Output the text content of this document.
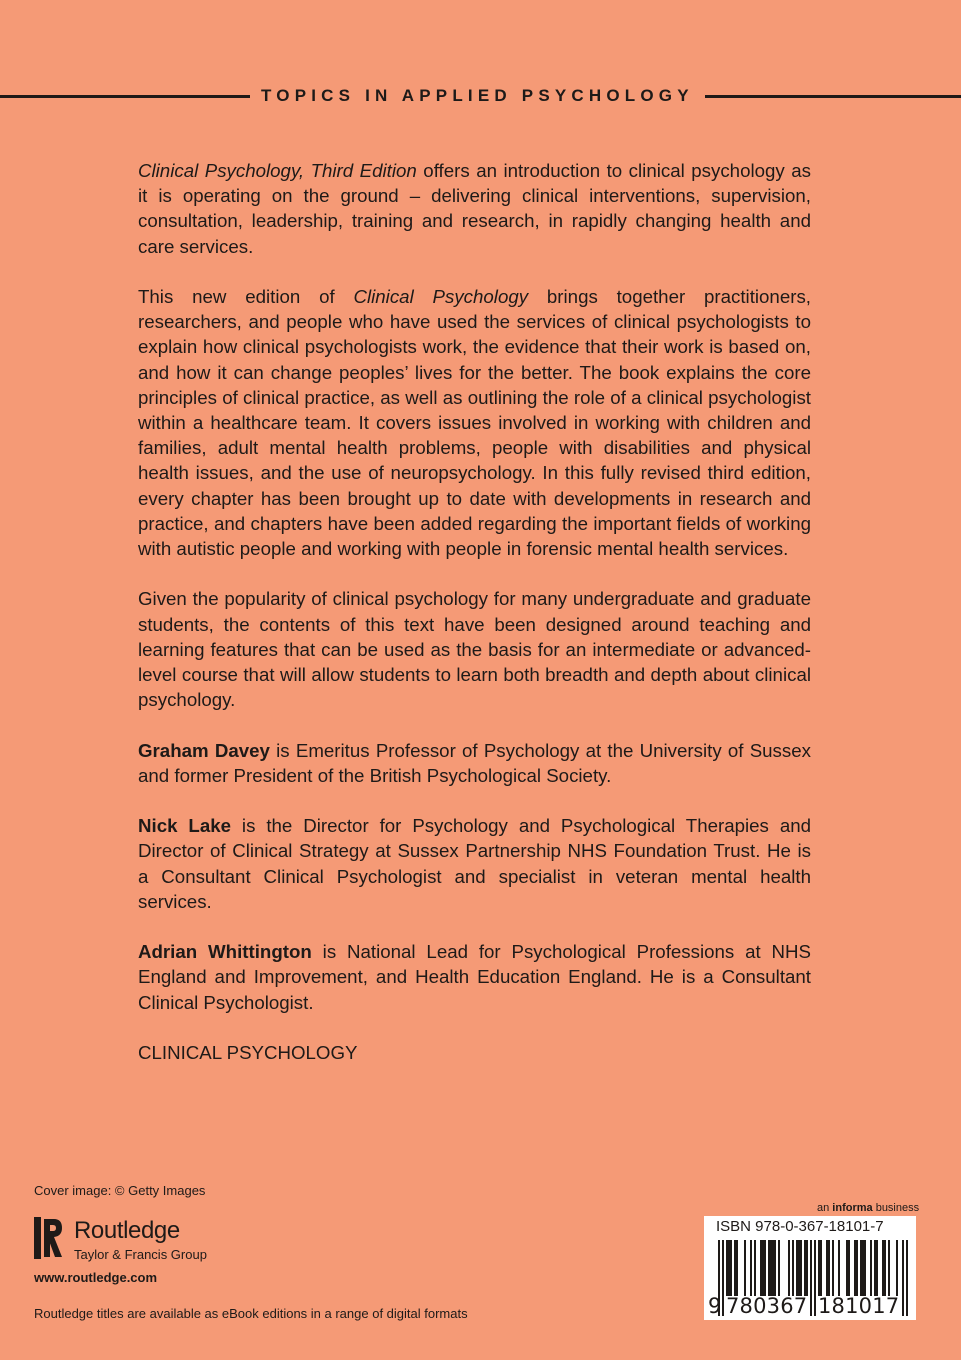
TOPICS IN APPLIED PSYCHOLOGY

Clinical Psychology, Third Edition offers an introduction to clinical psychology as it is operating on the ground – delivering clinical interventions, supervision, consultation, leadership, training and research, in rapidly changing health and care services.

This new edition of Clinical Psychology brings together practitioners, researchers, and people who have used the services of clinical psychologists to explain how clinical psychologists work, the evidence that their work is based on, and how it can change peoples’ lives for the better. The book explains the core principles of clinical practice, as well as outlining the role of a clinical psychologist within a healthcare team. It covers issues involved in working with children and families, adult mental health problems, people with disabilities and physical health issues, and the use of neuropsychology. In this fully revised third edition, every chapter has been brought up to date with developments in research and practice, and chapters have been added regarding the important fields of working with autistic people and working with people in forensic mental health services.

Given the popularity of clinical psychology for many undergraduate and graduate students, the contents of this text have been designed around teaching and learning features that can be used as the basis for an intermediate or advanced-level course that will allow students to learn both breadth and depth about clinical psychology.

Graham Davey is Emeritus Professor of Psychology at the University of Sussex and former President of the British Psychological Society.

Nick Lake is the Director for Psychology and Psychological Therapies and Director of Clinical Strategy at Sussex Partnership NHS Foundation Trust. He is a Consultant Clinical Psychologist and specialist in veteran mental health services.

Adrian Whittington is National Lead for Psychological Professions at NHS England and Improvement, and Health Education England. He is a Consultant Clinical Psychologist.

CLINICAL PSYCHOLOGY

Cover image: © Getty Images
Routledge
Taylor & Francis Group
www.routledge.com
Routledge titles are available as eBook editions in a range of digital formats
an informa business
ISBN 978-0-367-18101-7
9 780367 181017
